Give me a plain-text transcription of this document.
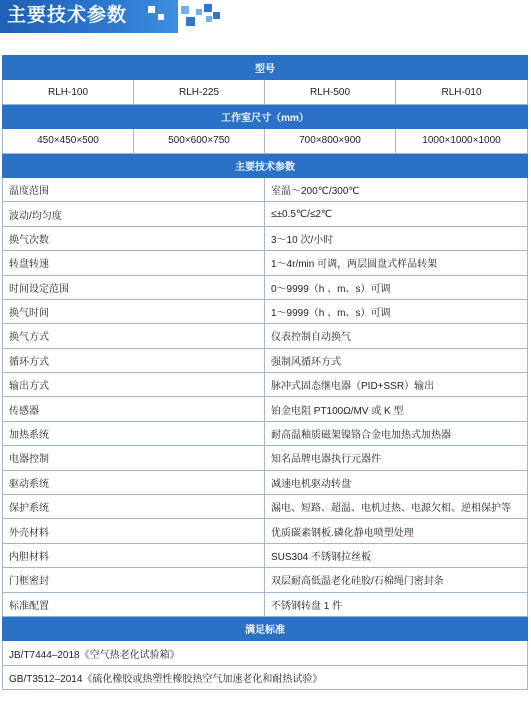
主要技术参数
型号			
RLH-100	RLH-225	RLH-500	RLH-010
工作室尺寸（mm）			
450×450×500	500×600×750	700×800×900	1000×1000×1000
主要技术参数			
温度范围		室温～200℃/300℃	
波动/均匀度		≤±0.5℃/≤2℃	
换气次数		3～10 次/小时	
转盘转速		1～4r/min 可调，两层圆盘式样品转架	
时间设定范围		0～9999（h 、m、s）可调	
换气时间		1～9999（h 、m、s）可调	
换气方式		仪表控制自动换气	
循环方式		强制风循环方式	
输出方式		脉冲式固态继电器（PID+SSR）输出	
传感器		铂金电阻 PT100Ω/MV 或 K 型	
加热系统		耐高温釉质磁架镍铬合金电加热式加热器	
电器控制		知名品牌电器执行元器件	
驱动系统		减速电机驱动转盘	
保护系统		漏电、短路、超温、电机过热、电源欠相、逆相保护等	
外壳材料		优质碳素钢板.磷化静电喷塑处理	
内胆材料		SUS304 不锈钢拉丝板	
门框密封		双层耐高低温老化硅胶/石棉绳门密封条	
标准配置		不锈钢转盘 1 件	
满足标准			
JB/T7444–2018《空气热老化试验箱》			
GB/T3512–2014《硫化橡胶或热塑性橡胶热空气加速老化和耐热试验》			
